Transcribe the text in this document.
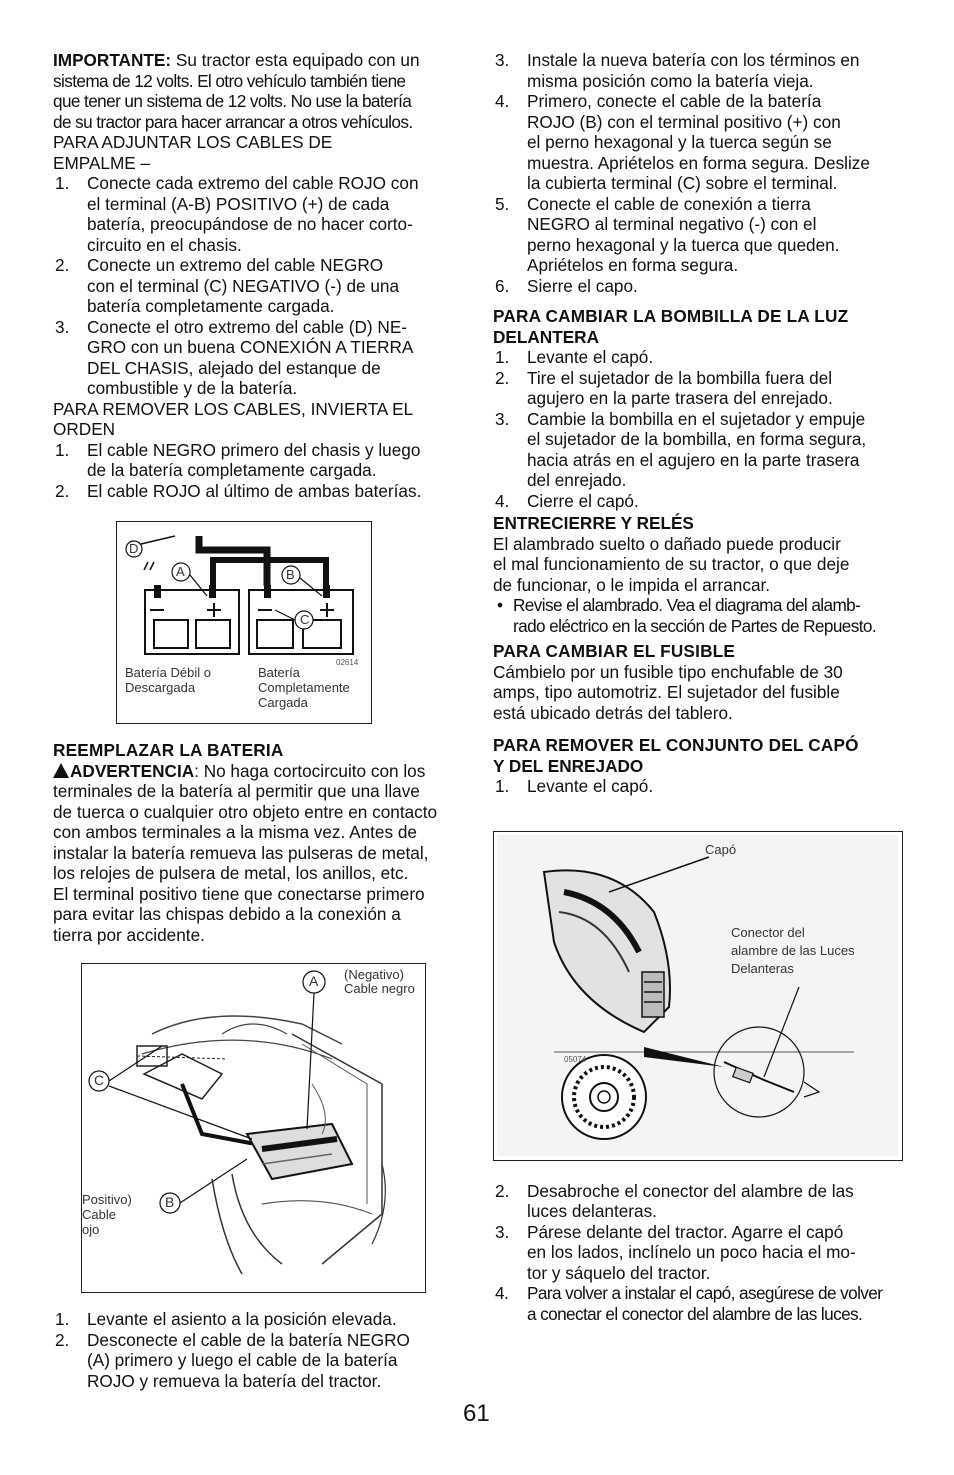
IMPORTANTE: Su tractor esta equipado con un

sistema de 12 volts. El otro vehículo también tiene

que tener un sistema de 12 volts. No use la batería

de su tractor para hacer arrancar a otros vehículos.

PARA ADJUNTAR LOS CABLES DE

EMPALME –

1. Conecte cada extremo del cable ROJO con
el terminal (A-B) POSITIVO (+) de cada
batería, preocupándose de no hacer corto-
circuito en el chasis.
2. Conecte un extremo del cable NEGRO
con el terminal (C) NEGATIVO (-) de una
batería completamente cargada.
3. Conecte el otro extremo del cable (D) NE-
GRO con un buena CONEXIÓN A TIERRA
DEL CHASIS, alejado del estanque de
combustible y de la batería.

PARA REMOVER LOS CABLES, INVIERTA EL

ORDEN

1. El cable NEGRO primero del chasis y luego
de la batería completamente cargada.
2. El cable ROJO al último de ambas baterías.
D
A	B
C
02614
Batería Débil o
Descargada
Batería
Completamente
Cargada

REEMPLAZAR LA BATERIA

ADVERTENCIA: No haga cortocircuito con los

terminales de la batería al permitir que una llave

de tuerca o cualquier otro objeto entre en contacto

con ambos terminales a la misma vez. Antes de

instalar la batería remueva las pulseras de metal,

los relojes de pulsera de metal, los anillos, etc.

El terminal positivo tiene que conectarse primero

para evitar las chispas debido a la conexión a

tierra por accidente.

C
A
B
(Negativo)
Cable negro
Positivo)
Cable
ojo
1. Levante el asiento a la posición elevada.
2. Desconecte el cable de la batería NEGRO
(A) primero y luego el cable de la batería
ROJO y remueva la batería del tractor.
3. Instale la nueva batería con los términos en
misma posición como la batería vieja.
4. Primero, conecte el cable de la batería
ROJO (B) con el terminal positivo (+) con
el perno hexagonal y la tuerca según se
muestra. Apriételos en forma segura. Deslize
la cubierta terminal (C) sobre el terminal.
5. Conecte el cable de conexión a tierra
NEGRO al terminal negativo (-) con el
perno hexagonal y la tuerca que queden.
Apriételos en forma segura.
6. Sierre el capo.

PARA CAMBIAR LA BOMBILLA DE LA LUZ

DELANTERA

1. Levante el capó.
2. Tire el sujetador de la bombilla fuera del
agujero en la parte trasera del enrejado.
3. Cambie la bombilla en el sujetador y empuje
el sujetador de la bombilla, en forma segura,
hacia atrás en el agujero en la parte trasera
del enrejado.
4. Cierre el capó.

ENTRECIERRE Y RELÉS

El alambrado suelto o dañado puede producir

el mal funcionamiento de su tractor, o que deje

de funcionar, o le impida el arrancar.

• Revise el alambrado. Vea el diagrama del alamb-
rado eléctrico en la sección de Partes de Repuesto.

PARA CAMBIAR EL FUSIBLE

Cámbielo por un fusible tipo enchufable de 30

amps, tipo automotriz. El sujetador del fusible

está ubicado detrás del tablero.

PARA REMOVER EL CONJUNTO DEL CAPÓ

Y DEL ENREJADO

1. Levante el capó.
Capó
Conector del
alambre de las Luces
Delanteras
05074
2. Desabroche el conector del alambre de las
luces delanteras.
3. Párese delante del tractor. Agarre el capó
en los lados, inclínelo un poco hacia el mo-
tor y sáquelo del tractor.
4. Para volver a instalar el capó, asegúrese de volver
a conectar el conector del alambre de las luces.
61
